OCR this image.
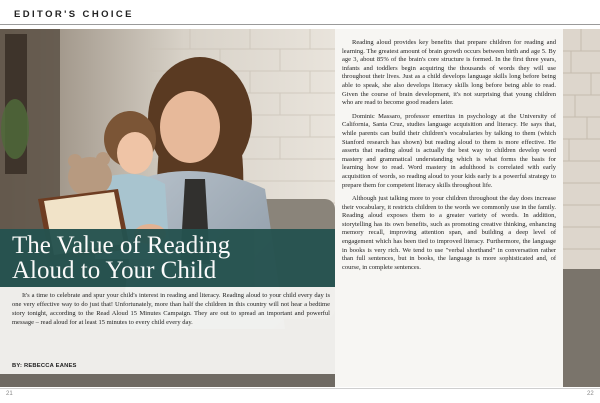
EDITOR'S CHOICE

Reading aloud provides key benefits that prepare children for reading and learning. The greatest amount of brain growth occurs between birth and age 5. By age 3, about 85% of the brain's core structure is formed. In the first three years, infants and toddlers begin acquiring the thousands of words they will use throughout their lives. Just as a child develops language skills long before being able to speak, she also develops literacy skills long before being able to read. Given the course of brain development, it's not surprising that young children who are read to become good readers later.

Dominic Massaro, professor emeritus in psychology at the University of California, Santa Cruz, studies language acquisition and literacy. He says that, while parents can build their children's vocabularies by talking to them (which Stanford research has shown) but reading aloud to them is more effective. He asserts that reading aloud is actually the best way to children develop word mastery and grammatical understanding which is what forms the basis for learning how to read. Word mastery in adulthood is correlated with early acquisition of words, so reading aloud to your kids early is a powerful strategy to prepare them for competent literacy skills throughout life.

Although just talking more to your children throughout the day does increase their vocabulary, it restricts children to the words we commonly use in the family. Reading aloud exposes them to a greater variety of words. In addition, storytelling has its own benefits, such as promoting creative thinking, enhancing memory recall, improving attention span, and building a deep level of engagement which has been tied to improved literacy. Furthermore, the language in books is very rich. We tend to use "verbal shorthand" in conversation rather than full sentences, but in books, the language is more sophisticated and, of course, in complete sentences.

The Value of Reading
Aloud to Your Child
It's a time to celebrate and spur your child's interest in reading and literacy. Reading aloud to your child every day is one very effective way to do just that! Unfortunately, more than half the children in this country will not hear a bedtime story tonight, according to the Read Aloud 15 Minutes Campaign. They are out to spread an important and powerful message – read aloud for at least 15 minutes to every child every day.
BY: REBECCA EANES
21	22
